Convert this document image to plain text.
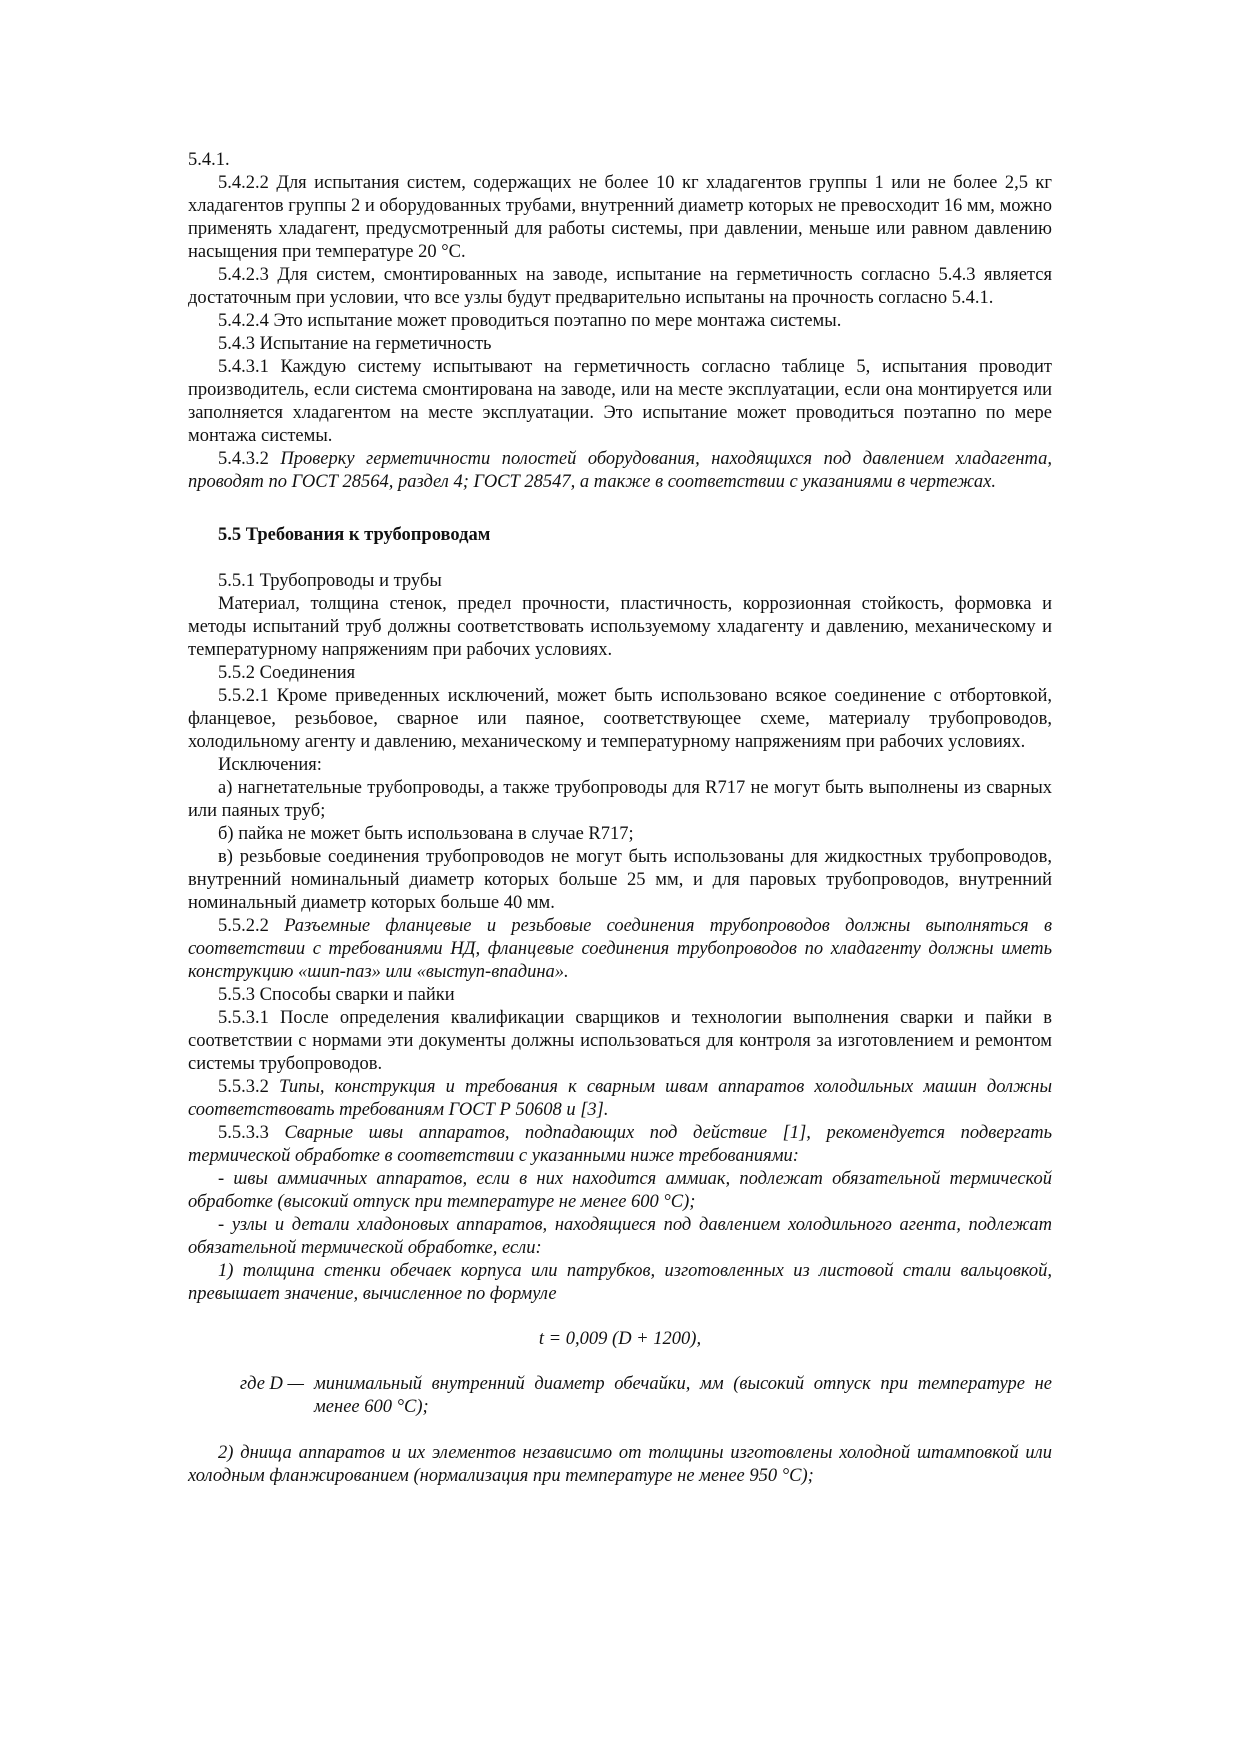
5.4.1.

5.4.2.2 Для испытания систем, содержащих не более 10 кг хладагентов группы 1 или не более 2,5 кг хладагентов группы 2 и оборудованных трубами, внутренний диаметр которых не превосходит 16 мм, можно применять хладагент, предусмотренный для работы системы, при давлении, меньше или равном давлению насыщения при температуре 20 °С.

5.4.2.3 Для систем, смонтированных на заводе, испытание на герметичность согласно 5.4.3 является достаточным при условии, что все узлы будут предварительно испытаны на прочность согласно 5.4.1.

5.4.2.4 Это испытание может проводиться поэтапно по мере монтажа системы.

5.4.3 Испытание на герметичность

5.4.3.1 Каждую систему испытывают на герметичность согласно таблице 5, испытания проводит производитель, если система смонтирована на заводе, или на месте эксплуатации, если она монтируется или заполняется хладагентом на месте эксплуатации. Это испытание может проводиться поэтапно по мере монтажа системы.

5.4.3.2 Проверку герметичности полостей оборудования, находящихся под давлением хладагента, проводят по ГОСТ 28564, раздел 4; ГОСТ 28547, а также в соответствии с указаниями в чертежах.

5.5 Требования к трубопроводам

5.5.1 Трубопроводы и трубы

Материал, толщина стенок, предел прочности, пластичность, коррозионная стойкость, формовка и методы испытаний труб должны соответствовать используемому хладагенту и давлению, механическому и температурному напряжениям при рабочих условиях.

5.5.2 Соединения

5.5.2.1 Кроме приведенных исключений, может быть использовано всякое соединение с отбортовкой, фланцевое, резьбовое, сварное или паяное, соответствующее схеме, материалу трубопроводов, холодильному агенту и давлению, механическому и температурному напряжениям при рабочих условиях.

Исключения:

а) нагнетательные трубопроводы, а также трубопроводы для R717 не могут быть выполнены из сварных или паяных труб;

б) пайка не может быть использована в случае R717;

в) резьбовые соединения трубопроводов не могут быть использованы для жидкостных трубопроводов, внутренний номинальный диаметр которых больше 25 мм, и для паровых трубопроводов, внутренний номинальный диаметр которых больше 40 мм.

5.5.2.2 Разъемные фланцевые и резьбовые соединения трубопроводов должны выполняться в соответствии с требованиями НД, фланцевые соединения трубопроводов по хладагенту должны иметь конструкцию «шип-паз» или «выступ-впадина».

5.5.3 Способы сварки и пайки

5.5.3.1 После определения квалификации сварщиков и технологии выполнения сварки и пайки в соответствии с нормами эти документы должны использоваться для контроля за изготовлением и ремонтом системы трубопроводов.

5.5.3.2 Типы, конструкция и требования к сварным швам аппаратов холодильных машин должны соответствовать требованиям ГОСТ Р 50608 и [3].

5.5.3.3 Сварные швы аппаратов, подпадающих под действие [1], рекомендуется подвергать термической обработке в соответствии с указанными ниже требованиями:

- швы аммиачных аппаратов, если в них находится аммиак, подлежат обязательной термической обработке (высокий отпуск при температуре не менее 600 °С);

- узлы и детали хладоновых аппаратов, находящиеся под давлением холодильного агента, подлежат обязательной термической обработке, если:

1) толщина стенки обечаек корпуса или патрубков, изготовленных из листовой стали вальцовкой, превышает значение, вычисленное по формуле

t = 0,009 (D + 1200),

где D — минимальный внутренний диаметр обечайки, мм (высокий отпуск при температуре не менее 600 °С);

2) днища аппаратов и их элементов независимо от толщины изготовлены холодной штамповкой или холодным фланжированием (нормализация при температуре не менее 950 °С);
